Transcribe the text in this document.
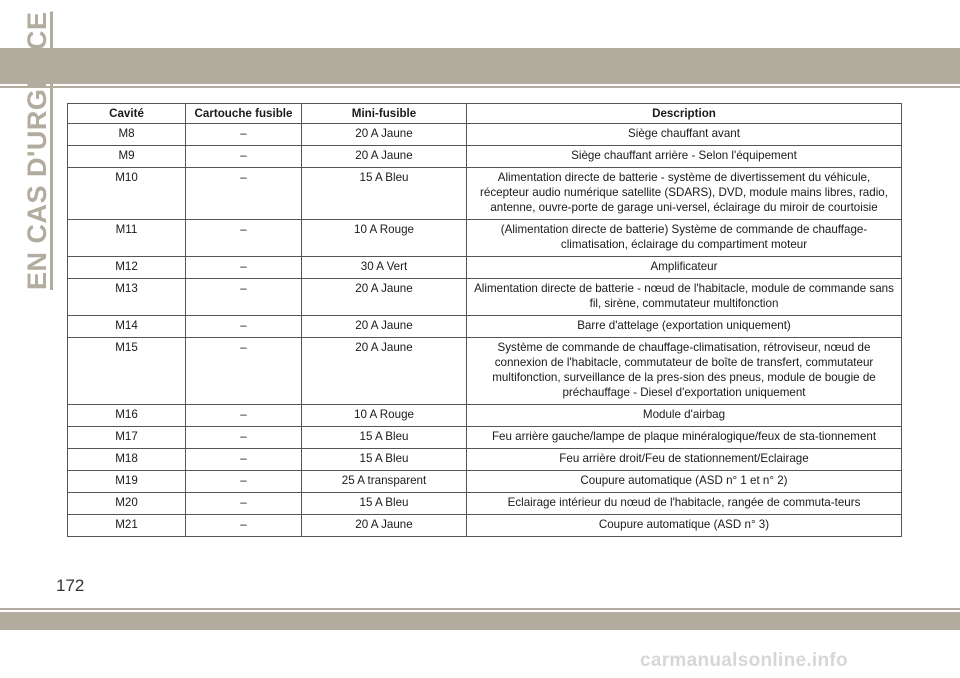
EN CAS D'URGENCE	Cavité	Cartouche fusible	Mini-fusible	Description
M8	–	20 A Jaune	Siège chauffant avant
M9	–	20 A Jaune	Siège chauffant arrière - Selon l'équipement
M10	–	15 A Bleu	Alimentation directe de batterie - système de divertissement du véhicule, récepteur audio numérique satellite (SDARS), DVD, module mains libres, radio, antenne, ouvre-porte de garage uni-versel, éclairage du miroir de courtoisie
M11	–	10 A Rouge	(Alimentation directe de batterie) Système de commande de chauffage-climatisation, éclairage du compartiment moteur
M12	–	30 A Vert	Amplificateur
M13	–	20 A Jaune	Alimentation directe de batterie - nœud de l'habitacle, module de commande sans fil, sirène, commutateur multifonction
M14	–	20 A Jaune	Barre d'attelage (exportation uniquement)
M15	–	20 A Jaune	Système de commande de chauffage-climatisation, rétroviseur, nœud de connexion de l'habitacle, commutateur de boîte de transfert, commutateur multifonction, surveillance de la pres-sion des pneus, module de bougie de préchauffage - Diesel d'exportation uniquement
M16	–	10 A Rouge	Module d'airbag
M17	–	15 A Bleu	Feu arrière gauche/lampe de plaque minéralogique/feux de sta-tionnement
M18	–	15 A Bleu	Feu arrière droit/Feu de stationnement/Eclairage
M19	–	25 A transparent	Coupure automatique (ASD n° 1 et n° 2)
M20	–	15 A Bleu	Eclairage intérieur du nœud de l'habitacle, rangée de commuta-teurs
M21	–	20 A Jaune	Coupure automatique (ASD n° 3)
172
carmanualsonline.info
